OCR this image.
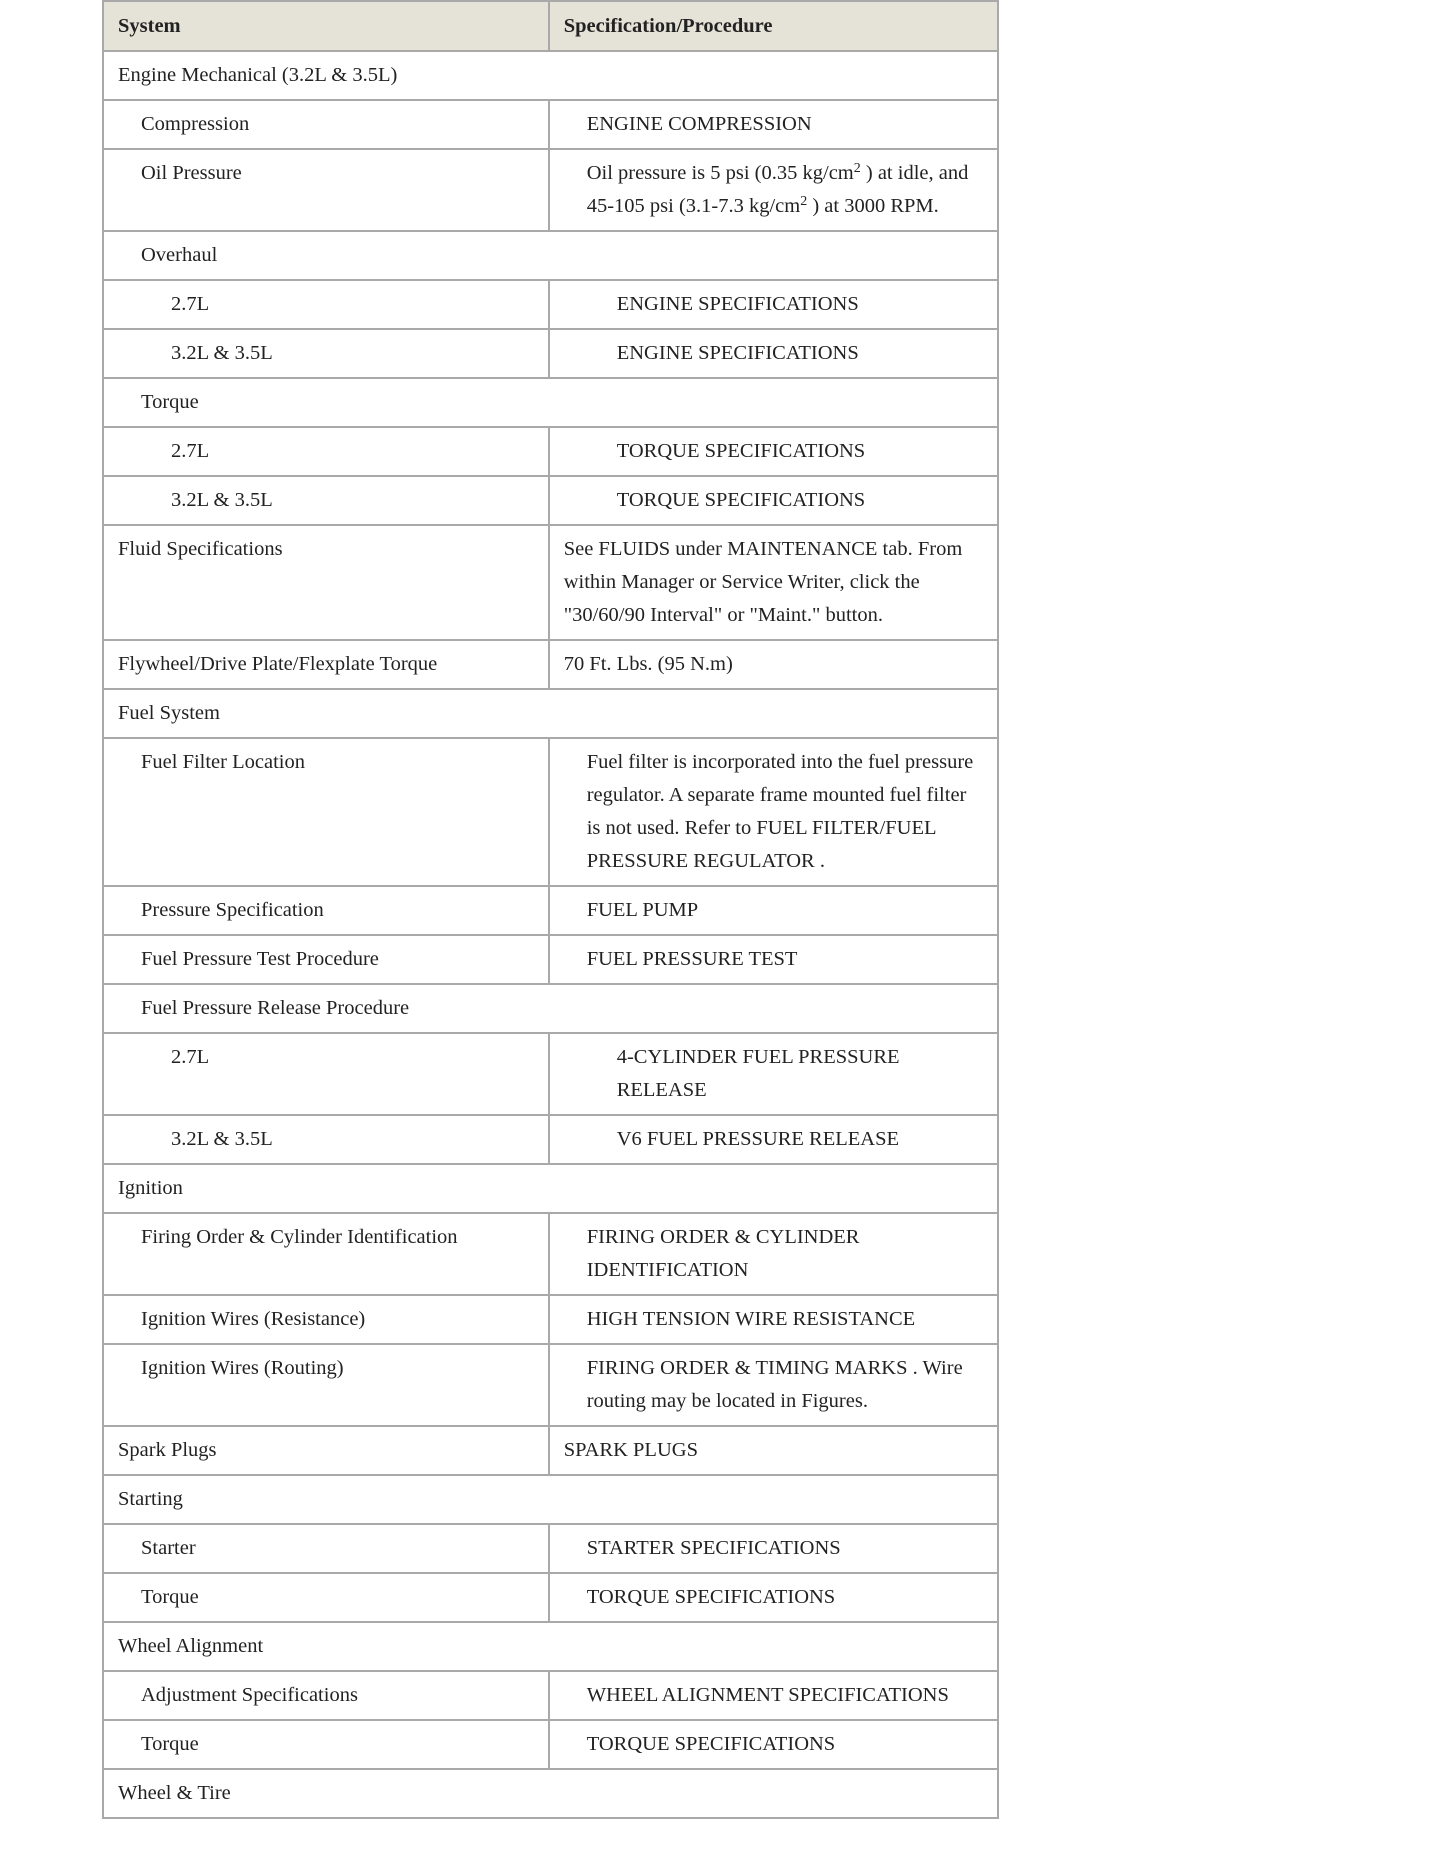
System	Specification/Procedure
Engine Mechanical (3.2L & 3.5L)	
Compression	ENGINE COMPRESSION
Oil Pressure	Oil pressure is 5 psi (0.35 $kg/cm^2$ ) at idle, and 45-105 psi (3.1-7.3 $kg/cm^2$ ) at 3000 RPM.
Overhaul	
2.7L	ENGINE SPECIFICATIONS
3.2L & 3.5L	ENGINE SPECIFICATIONS
Torque	
2.7L	TORQUE SPECIFICATIONS
3.2L & 3.5L	TORQUE SPECIFICATIONS
Fluid Specifications	See FLUIDS under MAINTENANCE tab. From within Manager or Service Writer, click the "30/60/90 Interval" or "Maint." button.
Flywheel/Drive Plate/Flexplate Torque	70 Ft. Lbs. (95 N.m)
Fuel System	
Fuel Filter Location	Fuel filter is incorporated into the fuel pressure regulator. A separate frame mounted fuel filter is not used. Refer to FUEL FILTER/FUEL PRESSURE REGULATOR .
Pressure Specification	FUEL PUMP
Fuel Pressure Test Procedure	FUEL PRESSURE TEST
Fuel Pressure Release Procedure	
2.7L	4-CYLINDER FUEL PRESSURE RELEASE
3.2L & 3.5L	V6 FUEL PRESSURE RELEASE
Ignition	
Firing Order & Cylinder Identification	FIRING ORDER & CYLINDER IDENTIFICATION
Ignition Wires (Resistance)	HIGH TENSION WIRE RESISTANCE
Ignition Wires (Routing)	FIRING ORDER & TIMING MARKS . Wire routing may be located in Figures.
Spark Plugs	SPARK PLUGS
Starting	
Starter	STARTER SPECIFICATIONS
Torque	TORQUE SPECIFICATIONS
Wheel Alignment	
Adjustment Specifications	WHEEL ALIGNMENT SPECIFICATIONS
Torque	TORQUE SPECIFICATIONS
Wheel & Tire	
